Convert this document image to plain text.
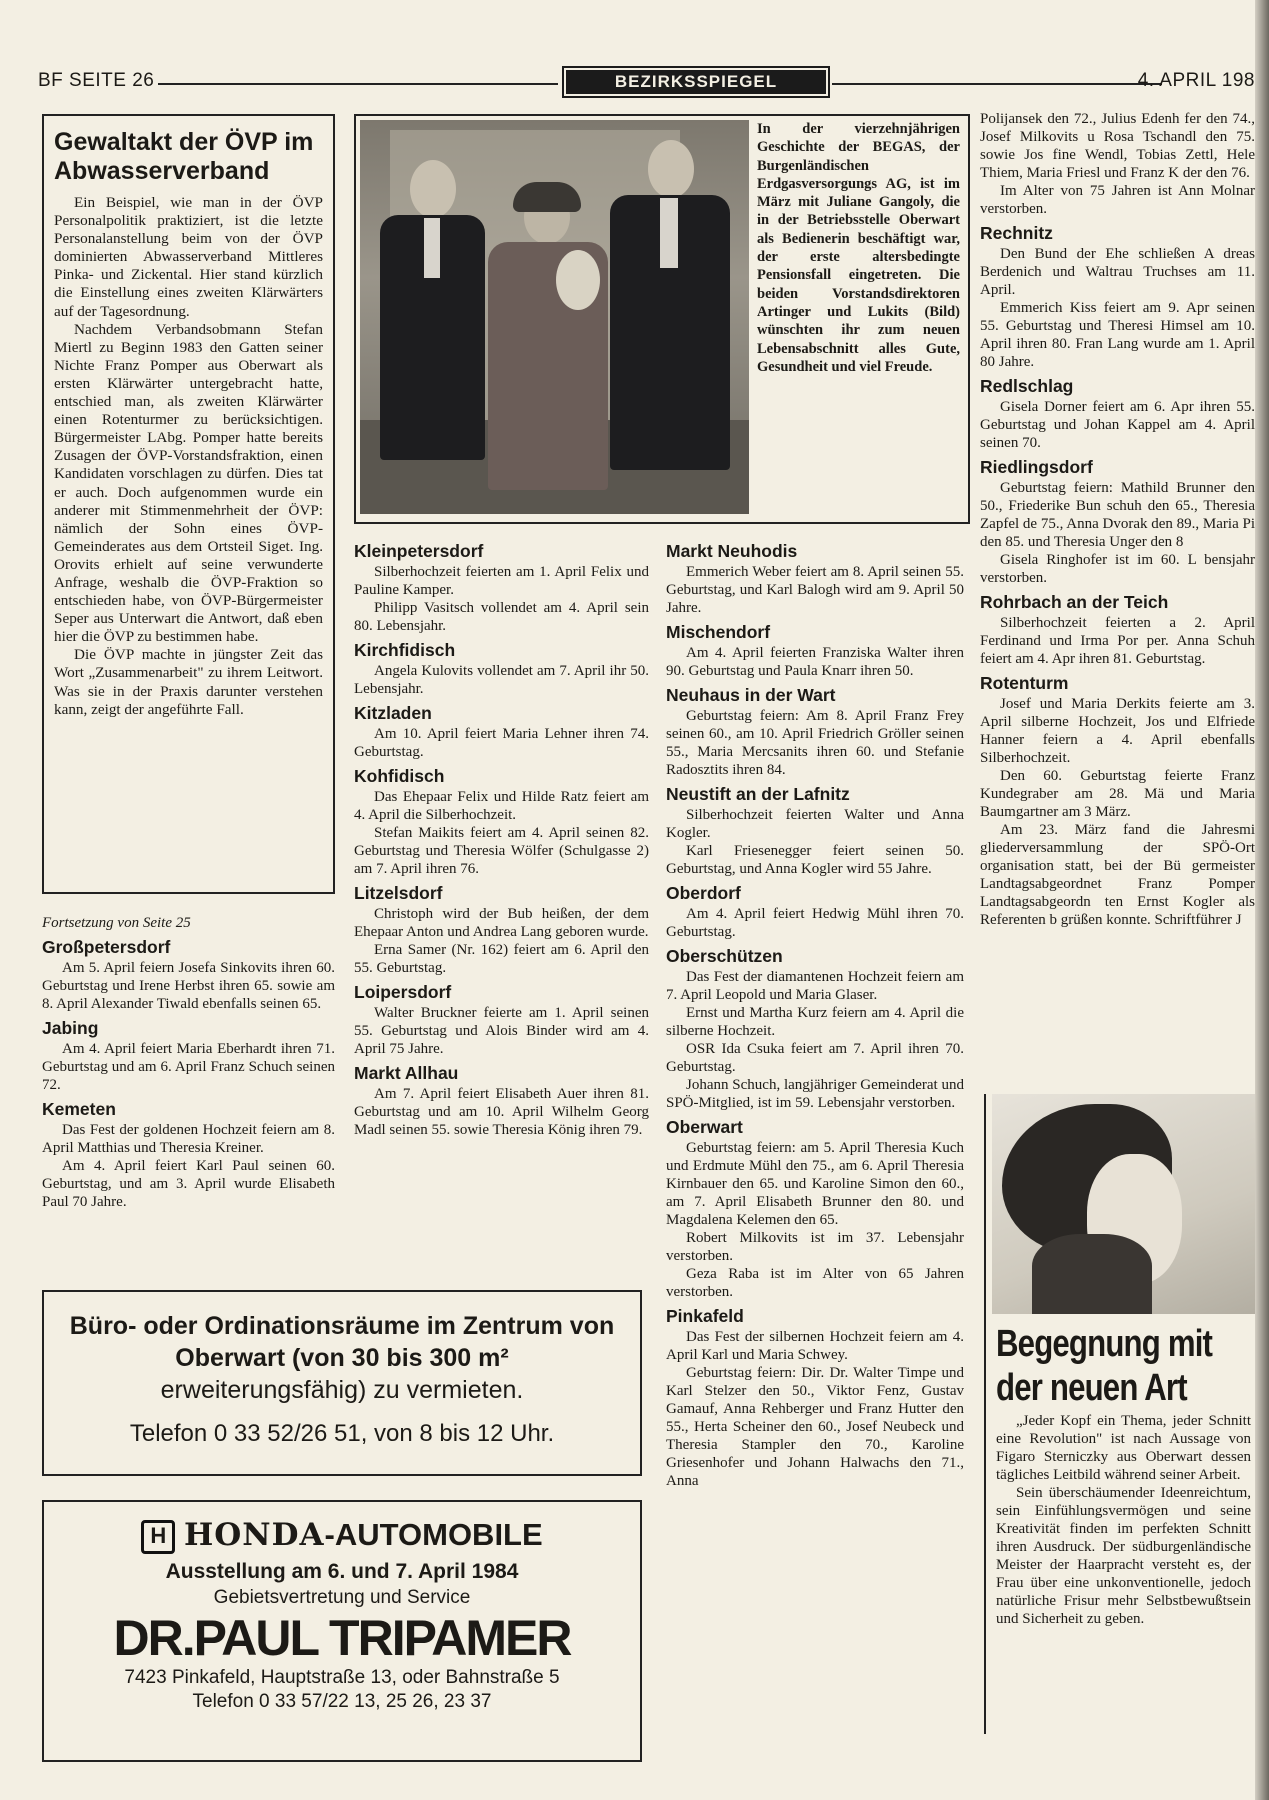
BF SEITE 26	BEZIRKSSPIEGEL	4. APRIL 198
Gewaltakt der ÖVP im Abwasserverband

Ein Beispiel, wie man in der ÖVP Personalpolitik praktiziert, ist die letzte Personalanstellung beim von der ÖVP dominierten Abwasserverband Mittleres Pinka- und Zickental. Hier stand kürzlich die Einstellung eines zweiten Klärwärters auf der Tagesordnung.

Nachdem Verbandsobmann Stefan Miertl zu Beginn 1983 den Gatten seiner Nichte Franz Pomper aus Oberwart als ersten Klärwärter untergebracht hatte, entschied man, als zweiten Klärwärter einen Rotenturmer zu berücksichtigen. Bürgermeister LAbg. Pomper hatte bereits Zusagen der ÖVP-Vorstandsfraktion, einen Kandidaten vorschlagen zu dürfen. Dies tat er auch. Doch aufgenommen wurde ein anderer mit Stimmenmehrheit der ÖVP: nämlich der Sohn eines ÖVP-Gemeinderates aus dem Ortsteil Siget. Ing. Orovits erhielt auf seine verwunderte Anfrage, weshalb die ÖVP-Fraktion so entschieden habe, von ÖVP-Bürgermeister Seper aus Unterwart die Antwort, daß eben hier die ÖVP zu bestimmen habe.

Die ÖVP machte in jüngster Zeit das Wort „Zusammenarbeit" zu ihrem Leitwort. Was sie in der Praxis darunter verstehen kann, zeigt der angeführte Fall.

In der vierzehnjährigen Geschichte der BEGAS, der Burgenländischen Erdgasversorgungs AG, ist im März mit Juliane Gangoly, die in der Betriebsstelle Oberwart als Bedienerin beschäftigt war, der erste altersbedingte Pensionsfall eingetreten. Die beiden Vorstandsdirektoren Artinger und Lukits (Bild) wünschten ihr zum neuen Lebensabschnitt alles Gute, Gesundheit und viel Freude.
Fortsetzung von Seite 25
Großpetersdorf

Am 5. April feiern Josefa Sinkovits ihren 60. Geburtstag und Irene Herbst ihren 65. sowie am 8. April Alexander Tiwald ebenfalls seinen 65.

Jabing

Am 4. April feiert Maria Eberhardt ihren 71. Geburtstag und am 6. April Franz Schuch seinen 72.

Kemeten

Das Fest der goldenen Hochzeit feiern am 8. April Matthias und Theresia Kreiner.

Am 4. April feiert Karl Paul seinen 60. Geburtstag, und am 3. April wurde Elisabeth Paul 70 Jahre.

Kleinpetersdorf

Silberhochzeit feierten am 1. April Felix und Pauline Kamper.

Philipp Vasitsch vollendet am 4. April sein 80. Lebensjahr.

Kirchfidisch

Angela Kulovits vollendet am 7. April ihr 50. Lebensjahr.

Kitzladen

Am 10. April feiert Maria Lehner ihren 74. Geburtstag.

Kohfidisch

Das Ehepaar Felix und Hilde Ratz feiert am 4. April die Silberhochzeit.

Stefan Maikits feiert am 4. April seinen 82. Geburtstag und Theresia Wölfer (Schulgasse 2) am 7. April ihren 76.

Litzelsdorf

Christoph wird der Bub heißen, der dem Ehepaar Anton und Andrea Lang geboren wurde.

Erna Samer (Nr. 162) feiert am 6. April den 55. Geburtstag.

Loipersdorf

Walter Bruckner feierte am 1. April seinen 55. Geburtstag und Alois Binder wird am 4. April 75 Jahre.

Markt Allhau

Am 7. April feiert Elisabeth Auer ihren 81. Geburtstag und am 10. April Wilhelm Georg Madl seinen 55. sowie Theresia König ihren 79.

Markt Neuhodis

Emmerich Weber feiert am 8. April seinen 55. Geburtstag, und Karl Balogh wird am 9. April 50 Jahre.

Mischendorf

Am 4. April feierten Franziska Walter ihren 90. Geburtstag und Paula Knarr ihren 50.

Neuhaus in der Wart

Geburtstag feiern: Am 8. April Franz Frey seinen 60., am 10. April Friedrich Gröller seinen 55., Maria Mercsanits ihren 60. und Stefanie Radosztits ihren 84.

Neustift an der Lafnitz

Silberhochzeit feierten Walter und Anna Kogler.

Karl Friesenegger feiert seinen 50. Geburtstag, und Anna Kogler wird 55 Jahre.

Oberdorf

Am 4. April feiert Hedwig Mühl ihren 70. Geburtstag.

Oberschützen

Das Fest der diamantenen Hochzeit feiern am 7. April Leopold und Maria Glaser.

Ernst und Martha Kurz feiern am 4. April die silberne Hochzeit.

OSR Ida Csuka feiert am 7. April ihren 70. Geburtstag.

Johann Schuch, langjähriger Gemeinderat und SPÖ-Mitglied, ist im 59. Lebensjahr verstorben.

Oberwart

Geburtstag feiern: am 5. April Theresia Kuch und Erdmute Mühl den 75., am 6. April Theresia Kirnbauer den 65. und Karoline Simon den 60., am 7. April Elisabeth Brunner den 80. und Magdalena Kelemen den 65.

Robert Milkovits ist im 37. Lebensjahr verstorben.

Geza Raba ist im Alter von 65 Jahren verstorben.

Pinkafeld

Das Fest der silbernen Hochzeit feiern am 4. April Karl und Maria Schwey.

Geburtstag feiern: Dir. Dr. Walter Timpe und Karl Stelzer den 50., Viktor Fenz, Gustav Gamauf, Anna Rehberger und Franz Hutter den 55., Herta Scheiner den 60., Josef Neubeck und Theresia Stampler den 70., Karoline Griesenhofer und Johann Halwachs den 71., Anna

Polijansek den 72., Julius Edenh fer den 74., Josef Milkovits u Rosa Tschandl den 75. sowie Jos fine Wendl, Tobias Zettl, Hele Thiem, Maria Friesl und Franz K der den 76.

Im Alter von 75 Jahren ist Ann Molnar verstorben.

Rechnitz

Den Bund der Ehe schließen A dreas Berdenich und Waltrau Truchses am 11. April.

Emmerich Kiss feiert am 9. Apr seinen 55. Geburtstag und Theresi Himsel am 10. April ihren 80. Fran Lang wurde am 1. April 80 Jahre.

Redlschlag

Gisela Dorner feiert am 6. Apr ihren 55. Geburtstag und Johan Kappel am 4. April seinen 70.

Riedlingsdorf

Geburtstag feiern: Mathild Brunner den 50., Friederike Bun schuh den 65., Theresia Zapfel de 75., Anna Dvorak den 89., Maria Pi den 85. und Theresia Unger den 8

Gisela Ringhofer ist im 60. L bensjahr verstorben.

Rohrbach an der Teich

Silberhochzeit feierten a 2. April Ferdinand und Irma Por per. Anna Schuh feiert am 4. Apr ihren 81. Geburtstag.

Rotenturm

Josef und Maria Derkits feierte am 3. April silberne Hochzeit, Jos und Elfriede Hanner feiern a 4. April ebenfalls Silberhochzeit.

Den 60. Geburtstag feierte Franz Kundegraber am 28. Mä und Maria Baumgartner am 3 März.

Am 23. März fand die Jahresmi gliederversammlung der SPÖ-Ort organisation statt, bei der Bü germeister Landtagsabgeordnet Franz Pomper Landtagsabgeordn ten Ernst Kogler als Referenten b grüßen konnte. Schriftführer J

Begegnung mit der neuen Art

„Jeder Kopf ein Thema, jeder Schnitt eine Revolution" ist nach Aussage von Figaro Sterniczky aus Oberwart dessen tägliches Leitbild während seiner Arbeit.

Sein überschäumender Ideenreichtum, sein Einfühlungsvermögen und seine Kreativität finden im perfekten Schnitt ihren Ausdruck. Der südburgenländische Meister der Haarpracht versteht es, der Frau über eine unkonventionelle, jedoch natürliche Frisur mehr Selbstbewußtsein und Sicherheit zu geben.

Büro- oder Ordinationsräume im Zentrum von Oberwart (von 30 bis 300 m²
erweiterungsfähig) zu vermieten.
Telefon 0 33 52/26 51, von 8 bis 12 Uhr.
H HONDA-AUTOMOBILE
Ausstellung am 6. und 7. April 1984
Gebietsvertretung und Service
DR.PAUL TRIPAMER
7423 Pinkafeld, Hauptstraße 13, oder Bahnstraße 5
Telefon 0 33 57/22 13, 25 26, 23 37
